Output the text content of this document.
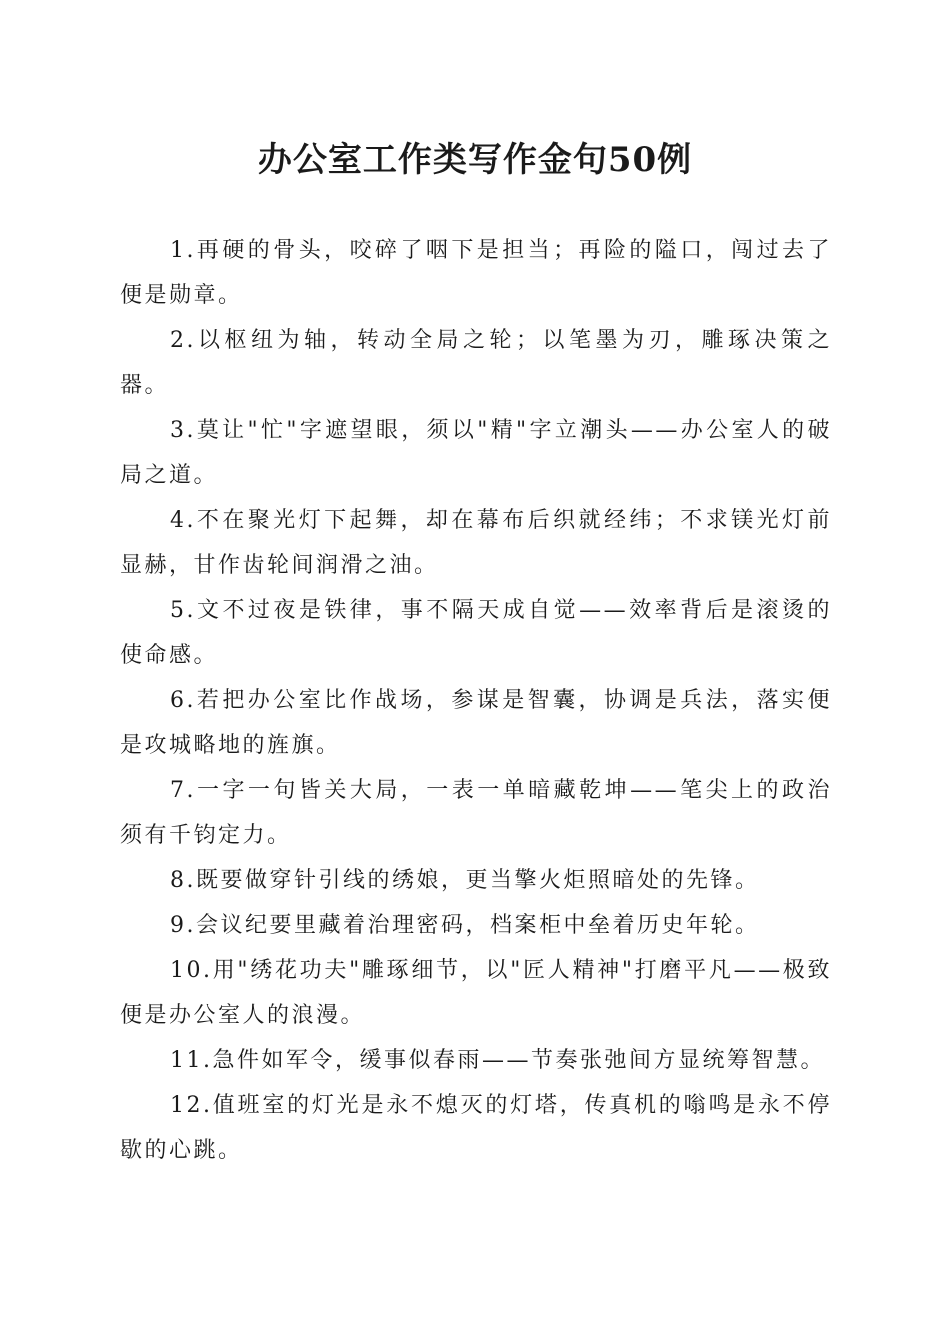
办公室工作类写作金句50例

1.再硬的骨头，咬碎了咽下是担当；再险的隘口，闯过去了便是勋章。

2.以枢纽为轴，转动全局之轮；以笔墨为刃，雕琢决策之器。

3.莫让"忙"字遮望眼，须以"精"字立潮头——办公室人的破局之道。

4.不在聚光灯下起舞，却在幕布后织就经纬；不求镁光灯前显赫，甘作齿轮间润滑之油。

5.文不过夜是铁律，事不隔天成自觉——效率背后是滚烫的使命感。

6.若把办公室比作战场，参谋是智囊，协调是兵法，落实便是攻城略地的旌旗。

7.一字一句皆关大局，一表一单暗藏乾坤——笔尖上的政治须有千钧定力。

8.既要做穿针引线的绣娘，更当擎火炬照暗处的先锋。

9.会议纪要里藏着治理密码，档案柜中垒着历史年轮。

10.用"绣花功夫"雕琢细节，以"匠人精神"打磨平凡——极致便是办公室人的浪漫。

11.急件如军令，缓事似春雨——节奏张弛间方显统筹智慧。

12.值班室的灯光是永不熄灭的灯塔，传真机的嗡鸣是永不停歇的心跳。
